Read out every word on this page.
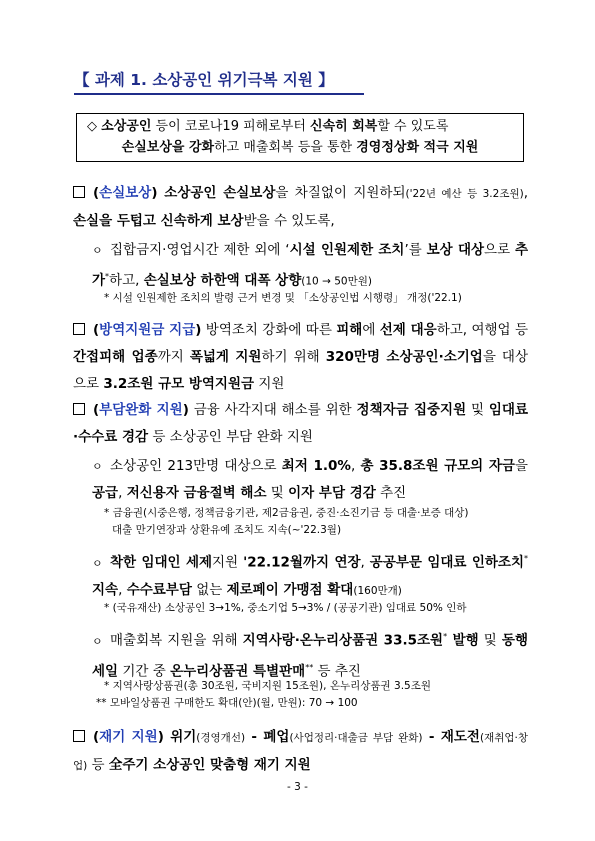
【 과제 1. 소상공인 위기극복 지원 】
◇ 소상공인 등이 코로나19 피해로부터 신속히 회복할 수 있도록
손실보상을 강화하고 매출회복 등을 통한 경영정상화 적극 지원
(손실보상) 소상공인 손실보상을 차질없이 지원하되('22년 예산 등 3.2조원), 손실을 두텁고 신속하게 보상받을 수 있도록,
ㅇ 집합금지·영업시간 제한 외에 ‘시설 인원제한 조치’를 보상 대상으로 추가*하고, 손실보상 하한액 대폭 상향(10 → 50만원)
* 시설 인원제한 조치의 발령 근거 변경 및 「소상공인법 시행령」 개정('22.1)
(방역지원금 지급) 방역조치 강화에 따른 피해에 선제 대응하고, 여행업 등 간접피해 업종까지 폭넓게 지원하기 위해 320만명 소상공인·소기업을 대상으로 3.2조원 규모 방역지원금 지원
(부담완화 지원) 금융 사각지대 해소를 위한 정책자금 집중지원 및 임대료·수수료 경감 등 소상공인 부담 완화 지원
ㅇ 소상공인 213만명 대상으로 최저 1.0%, 총 35.8조원 규모의 자금을 공급, 저신용자 금융절벽 해소 및 이자 부담 경감 추진
* 금융권(시중은행, 정책금융기관, 제2금융권, 중진·소진기금 등 대출·보증 대상)
대출 만기연장과 상환유예 조치도 지속(~'22.3월)
ㅇ 착한 임대인 세제지원 '22.12월까지 연장, 공공부문 임대료 인하조치* 지속, 수수료부담 없는 제로페이 가맹점 확대(160만개)
* (국유재산) 소상공인 3→1%, 중소기업 5→3% / (공공기관) 임대료 50% 인하
ㅇ 매출회복 지원을 위해 지역사랑·온누리상품권 33.5조원* 발행 및 동행세일 기간 중 온누리상품권 특별판매** 등 추진
* 지역사랑상품권(총 30조원, 국비지원 15조원), 온누리상품권 3.5조원
** 모바일상품권 구매한도 확대(안)(월, 만원): 70 → 100
(재기 지원) 위기(경영개선) - 폐업(사업정리·대출금 부담 완화) - 재도전(재취업·창업) 등 全주기 소상공인 맞춤형 재기 지원
- 3 -
